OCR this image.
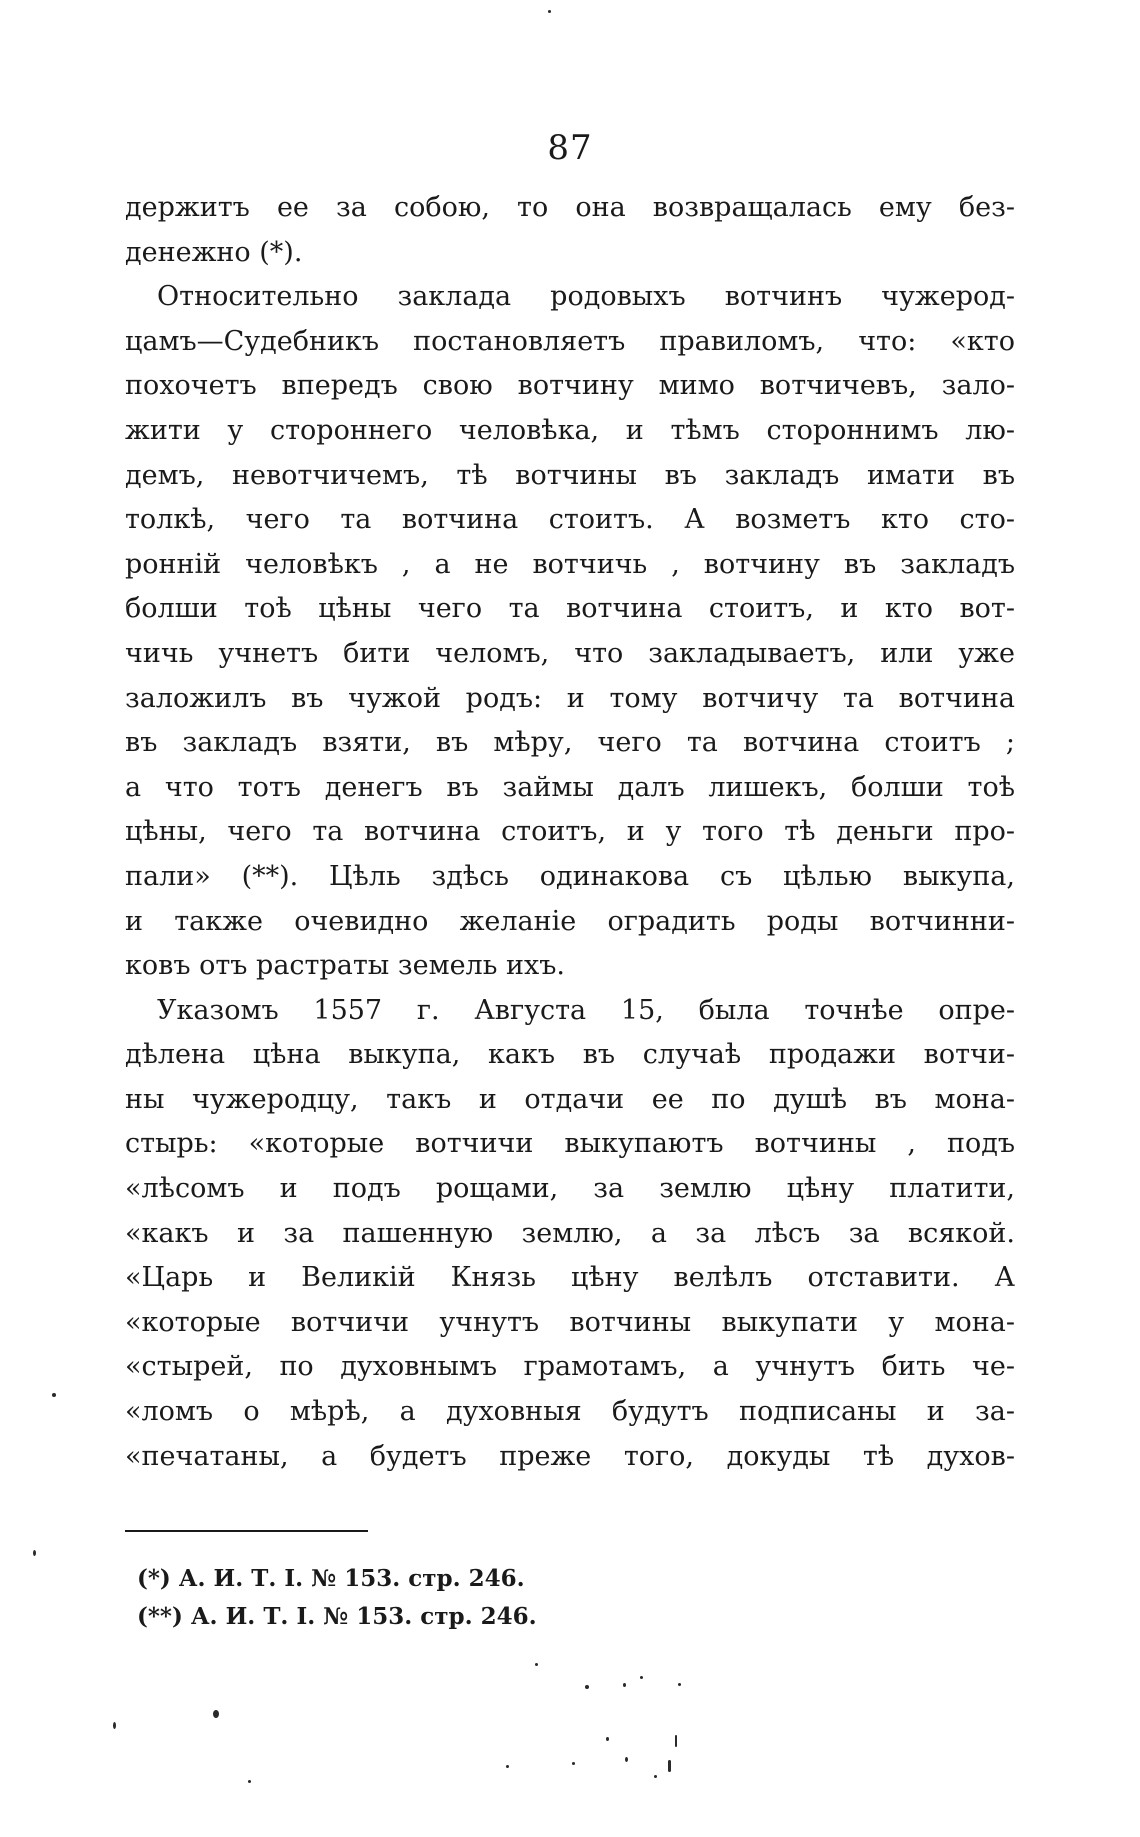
87
держитъ ее за собою, то она возвращалась ему без-
денежно (*).
Относительно заклада родовыхъ вотчинъ чужерод-
цамъ—Судебникъ постановляетъ правиломъ, что: «кто
похочетъ впередъ свою вотчину мимо вотчичевъ, зало-
жити у стороннего человѣка, и тѣмъ стороннимъ лю-
демъ, невотчичемъ, тѣ вотчины въ закладъ имати въ
толкѣ, чего та вотчина стоитъ. А возметъ кто сто-
ронній человѣкъ , а не вотчичь , вотчину въ закладъ
болши тоѣ цѣны чего та вотчина стоитъ, и кто вот-
чичь учнетъ бити челомъ, что закладываетъ, или уже
заложилъ въ чужой родъ: и тому вотчичу та вотчина
въ закладъ взяти, въ мѣру, чего та вотчина стоитъ ;
а что тотъ денегъ въ займы далъ лишекъ, болши тоѣ
цѣны, чего та вотчина стоитъ, и у того тѣ деньги про-
пали» (**). Цѣль здѣсь одинакова съ цѣлью выкупа,
и также очевидно желаніе оградить роды вотчинни-
ковъ отъ растраты земель ихъ.
Указомъ 1557 г. Августа 15, была точнѣе опре-
дѣлена цѣна выкупа, какъ въ случаѣ продажи вотчи-
ны чужеродцу, такъ и отдачи ее по душѣ въ мона-
стырь: «которые вотчичи выкупаютъ вотчины , подъ
«лѣсомъ и подъ рощами, за землю цѣну платити,
«какъ и за пашенную землю, а за лѣсъ за всякой.
«Царь и Великій Князь цѣну велѣлъ отставити. А
«которые вотчичи учнутъ вотчины выкупати у мона-
«стырей, по духовнымъ грамотамъ, а учнутъ бить че-
«ломъ о мѣрѣ, а духовныя будутъ подписаны и за-
«печатаны, а будетъ преже того, докуды тѣ духов-
(*) А. И. Т. I. № 153. стр. 246.
(**) А. И. Т. I. № 153. стр. 246.
